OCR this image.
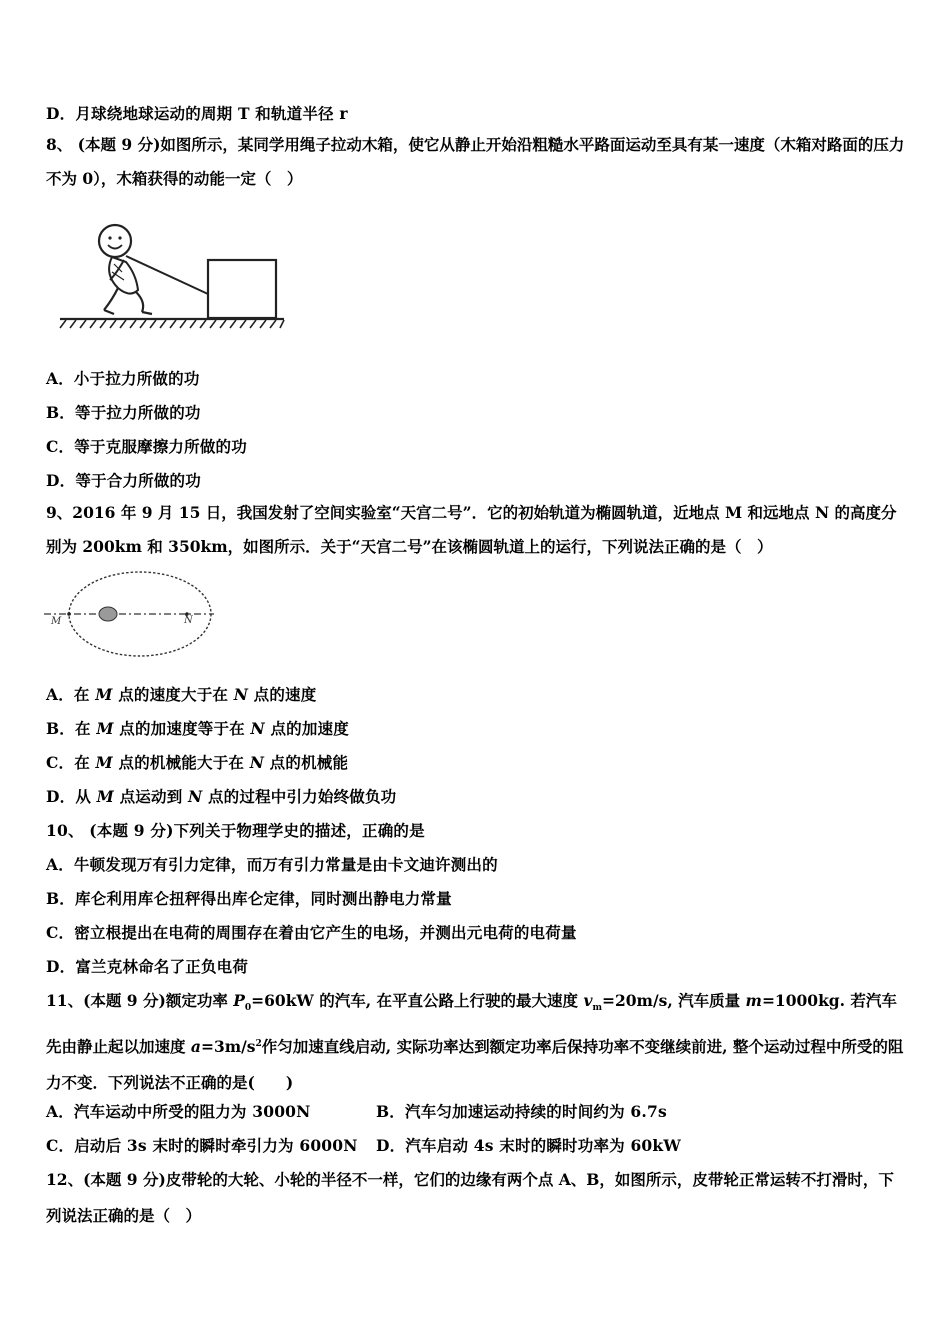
D．月球绕地球运动的周期 T 和轨道半径 r
8、 (本题 9 分)如图所示，某同学用绳子拉动木箱，使它从静止开始沿粗糙水平路面运动至具有某一速度（木箱对路面的压力不为 0），木箱获得的动能一定（　）
A．小于拉力所做的功
B．等于拉力所做的功
C．等于克服摩擦力所做的功
D．等于合力所做的功
9、2016 年 9 月 15 日，我国发射了空间实验室“天宫二号”．它的初始轨道为椭圆轨道，近地点 M 和远地点 N 的高度分别为 200km 和 350km，如图所示．关于“天宫二号”在该椭圆轨道上的运行，下列说法正确的是（　）
M	N
A．在 M 点的速度大于在 N 点的速度
B．在 M 点的加速度等于在 N 点的加速度
C．在 M 点的机械能大于在 N 点的机械能
D．从 M 点运动到 N 点的过程中引力始终做负功
10、 (本题 9 分)下列关于物理学史的描述，正确的是
A．牛顿发现万有引力定律，而万有引力常量是由卡文迪许测出的
B．库仑利用库仑扭秤得出库仑定律，同时测出静电力常量
C．密立根提出在电荷的周围存在着由它产生的电场，并测出元电荷的电荷量
D．富兰克林命名了正负电荷
11、(本题 9 分)额定功率 $P_0=60kW$ 的汽车, 在平直公路上行驶的最大速度 $v_m=20m/s$, 汽车质量 m=1000kg. 若汽车先由静止起以加速度 $a=3m/s^2$作匀加速直线启动, 实际功率达到额定功率后保持功率不变继续前进, 整个运动过程中所受的阻力不变．下列说法不正确的是(　　)
A．汽车运动中所受的阻力为 3000N	B．汽车匀加速运动持续的时间约为 6.7s
C．启动后 3s 末时的瞬时牵引力为 6000N D．汽车启动 4s 末时的瞬时功率为 60kW
12、(本题 9 分)皮带轮的大轮、小轮的半径不一样，它们的边缘有两个点 A、B，如图所示，皮带轮正常运转不打滑时，下列说法正确的是（　）
